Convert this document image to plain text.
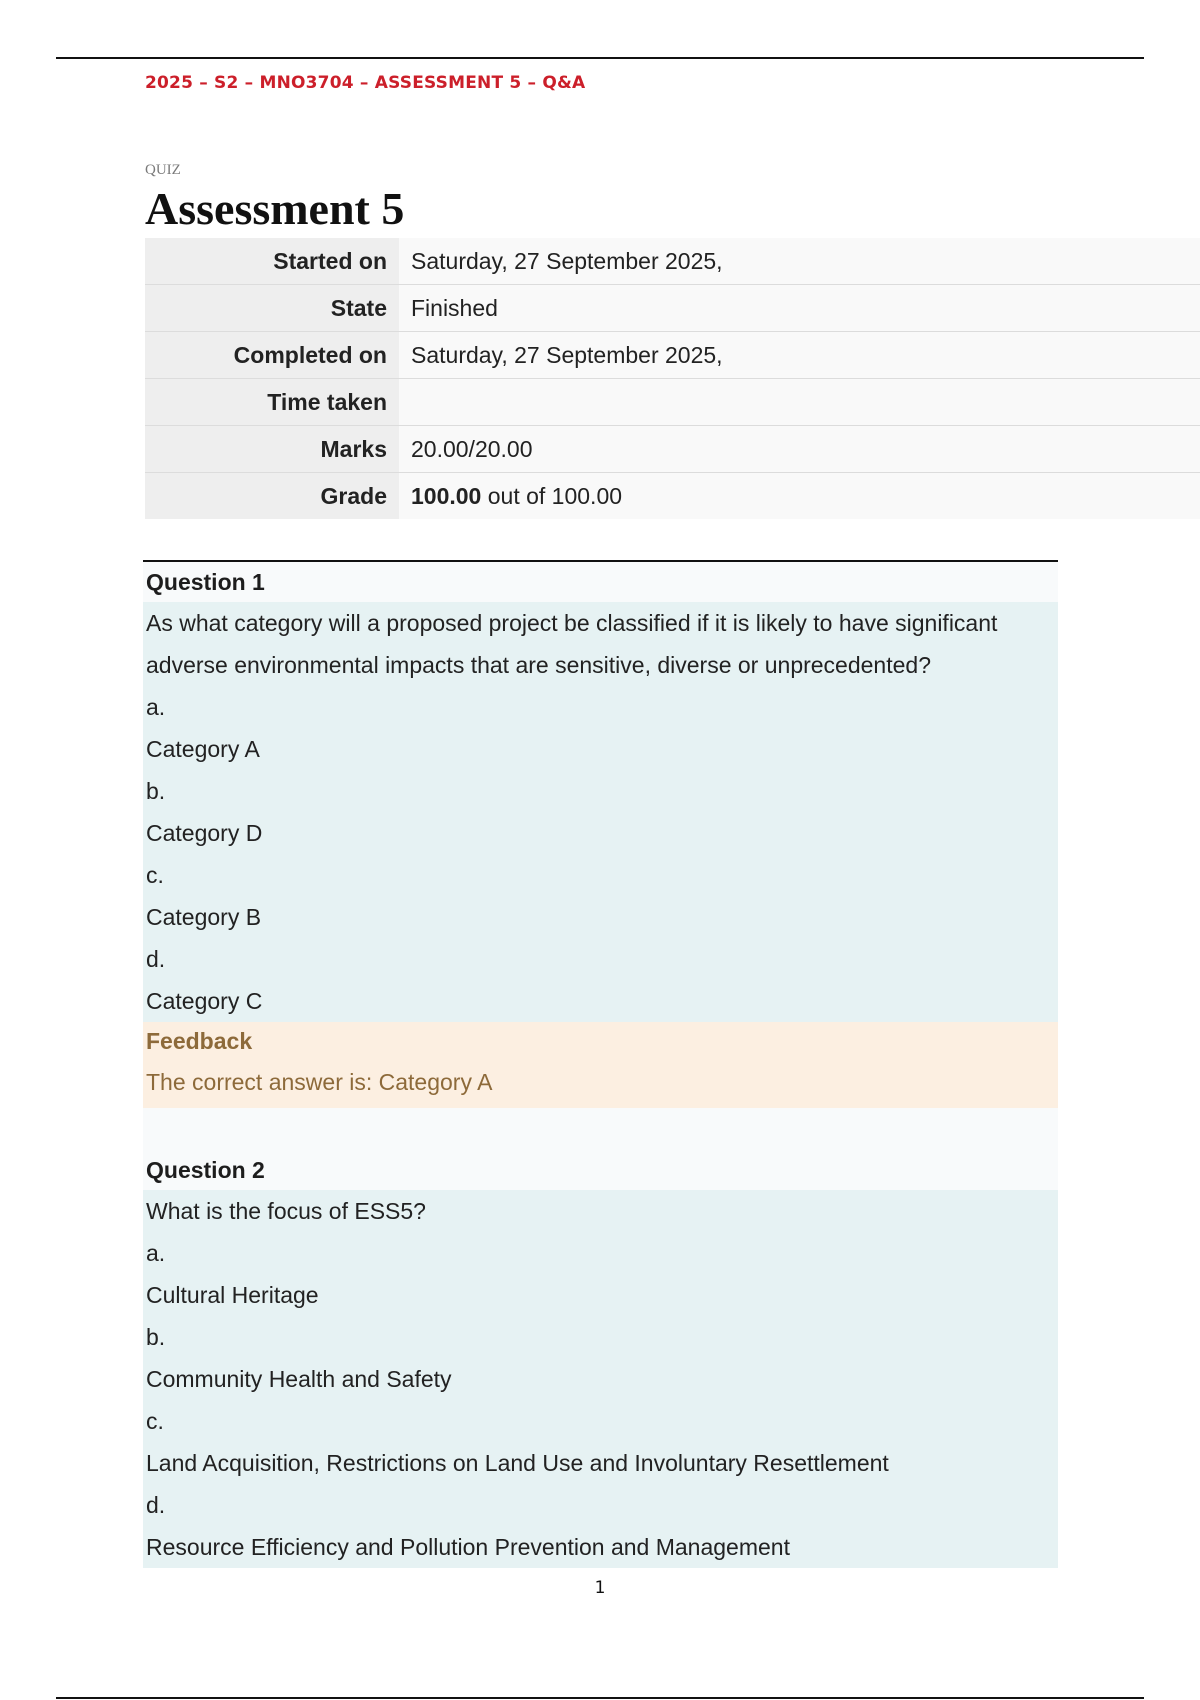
2025 – S2 – MNO3704 – ASSESSMENT 5 – Q&A
QUIZ
Assessment 5
Started on	Saturday, 27 September 2025,
State	Finished
Completed on	Saturday, 27 September 2025,
Time taken	
Marks	20.00/20.00
Grade	100.00 out of 100.00
Question 1
As what category will a proposed project be classified if it is likely to have significant adverse environmental impacts that are sensitive, diverse or unprecedented?
a.
Category A
b.
Category D
c.
Category B
d.
Category C
Feedback
The correct answer is: Category A
Question 2
What is the focus of ESS5?
a.
Cultural Heritage
b.
Community Health and Safety
c.
Land Acquisition, Restrictions on Land Use and Involuntary Resettlement
d.
Resource Efficiency and Pollution Prevention and Management
1
